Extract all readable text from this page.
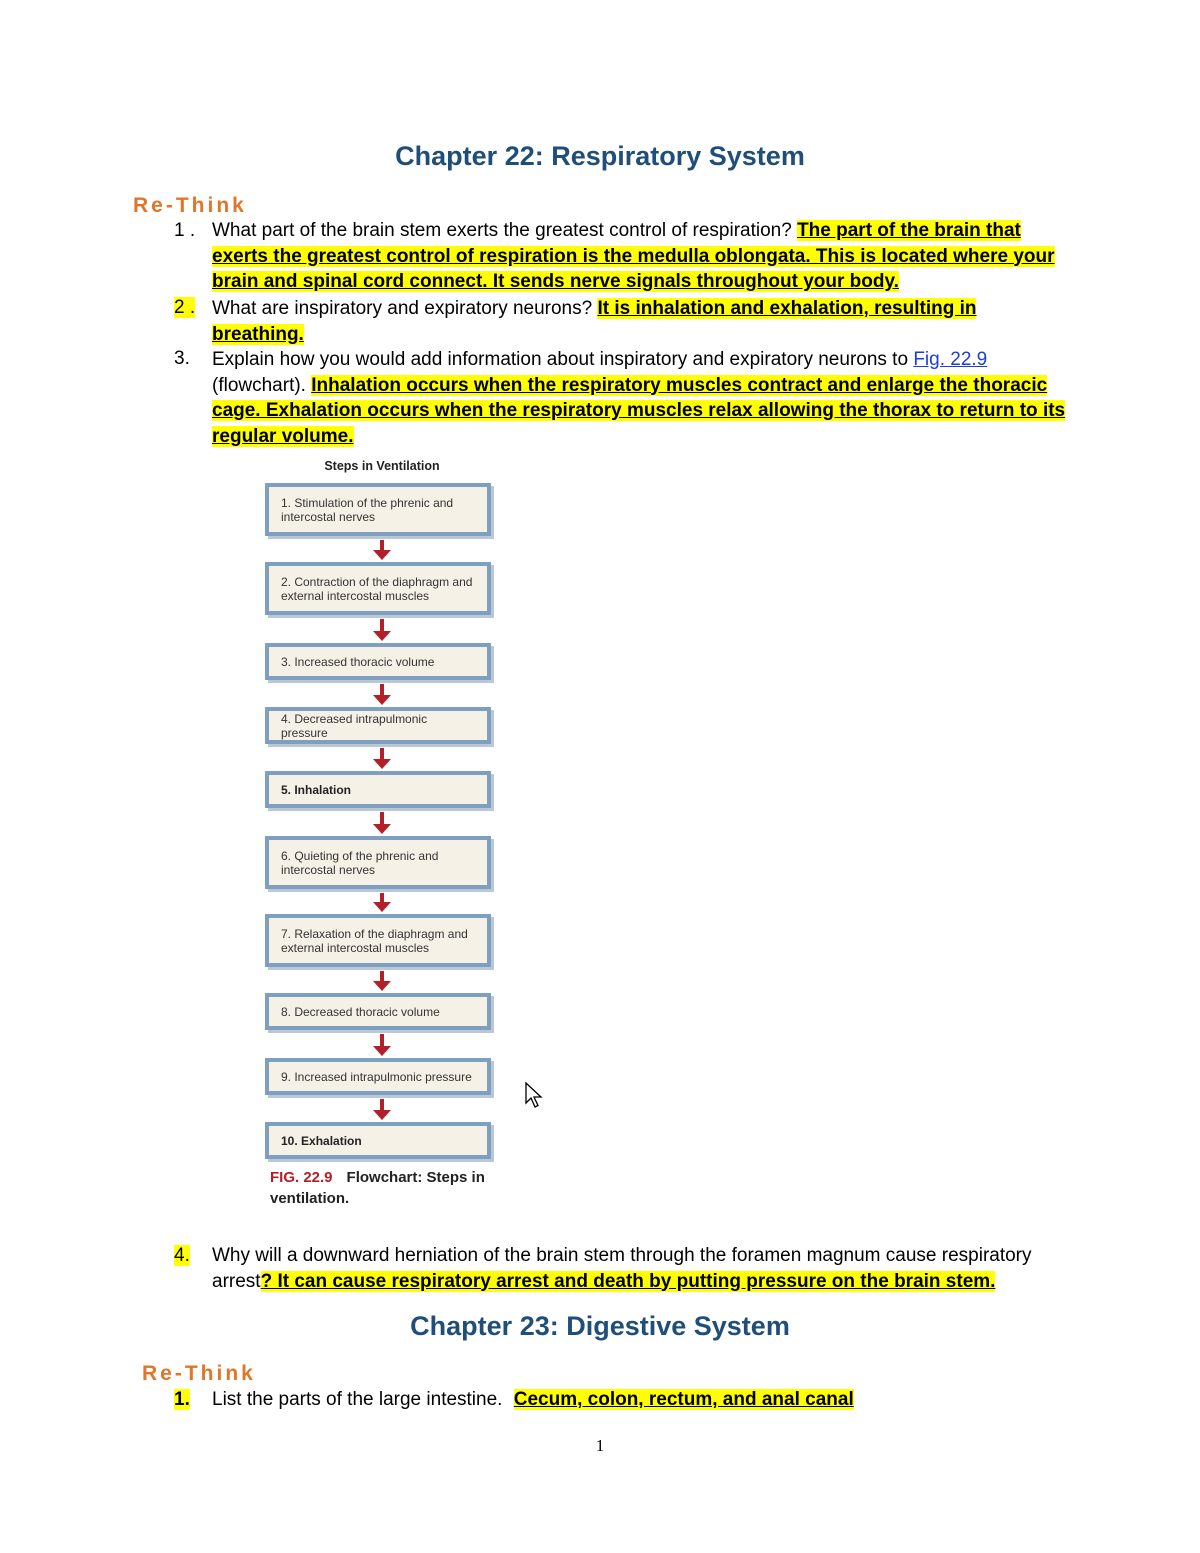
Chapter 22: Respiratory System
Re-Think
1 . What part of the brain stem exerts the greatest control of respiration? The part of the brain that exerts the greatest control of respiration is the medulla oblongata. This is located where your brain and spinal cord connect. It sends nerve signals throughout your body.
2 . What are inspiratory and expiratory neurons? It is inhalation and exhalation, resulting in breathing.
3.	Explain how you would add information about inspiratory and expiratory neurons to Fig. 22.9 (flowchart). Inhalation occurs when the respiratory muscles contract and enlarge the thoracic cage. Exhalation occurs when the respiratory muscles relax allowing the thorax to return to its regular volume.
Steps in Ventilation
1. Stimulation of the phrenic and intercostal nerves
2. Contraction of the diaphragm and external intercostal muscles
3. Increased thoracic volume
4. Decreased intrapulmonic pressure
5. Inhalation
6. Quieting of the phrenic and intercostal nerves
7. Relaxation of the diaphragm and external intercostal muscles
8. Decreased thoracic volume
9. Increased intrapulmonic pressure
10. Exhalation
FIG. 22.9 Flowchart: Steps in ventilation.
4.	Why will a downward herniation of the brain stem through the foramen magnum cause respiratory arrest? It can cause respiratory arrest and death by putting pressure on the brain stem.
Chapter 23: Digestive System
Re-Think
1.	List the parts of the large intestine. Cecum, colon, rectum, and anal canal
1
